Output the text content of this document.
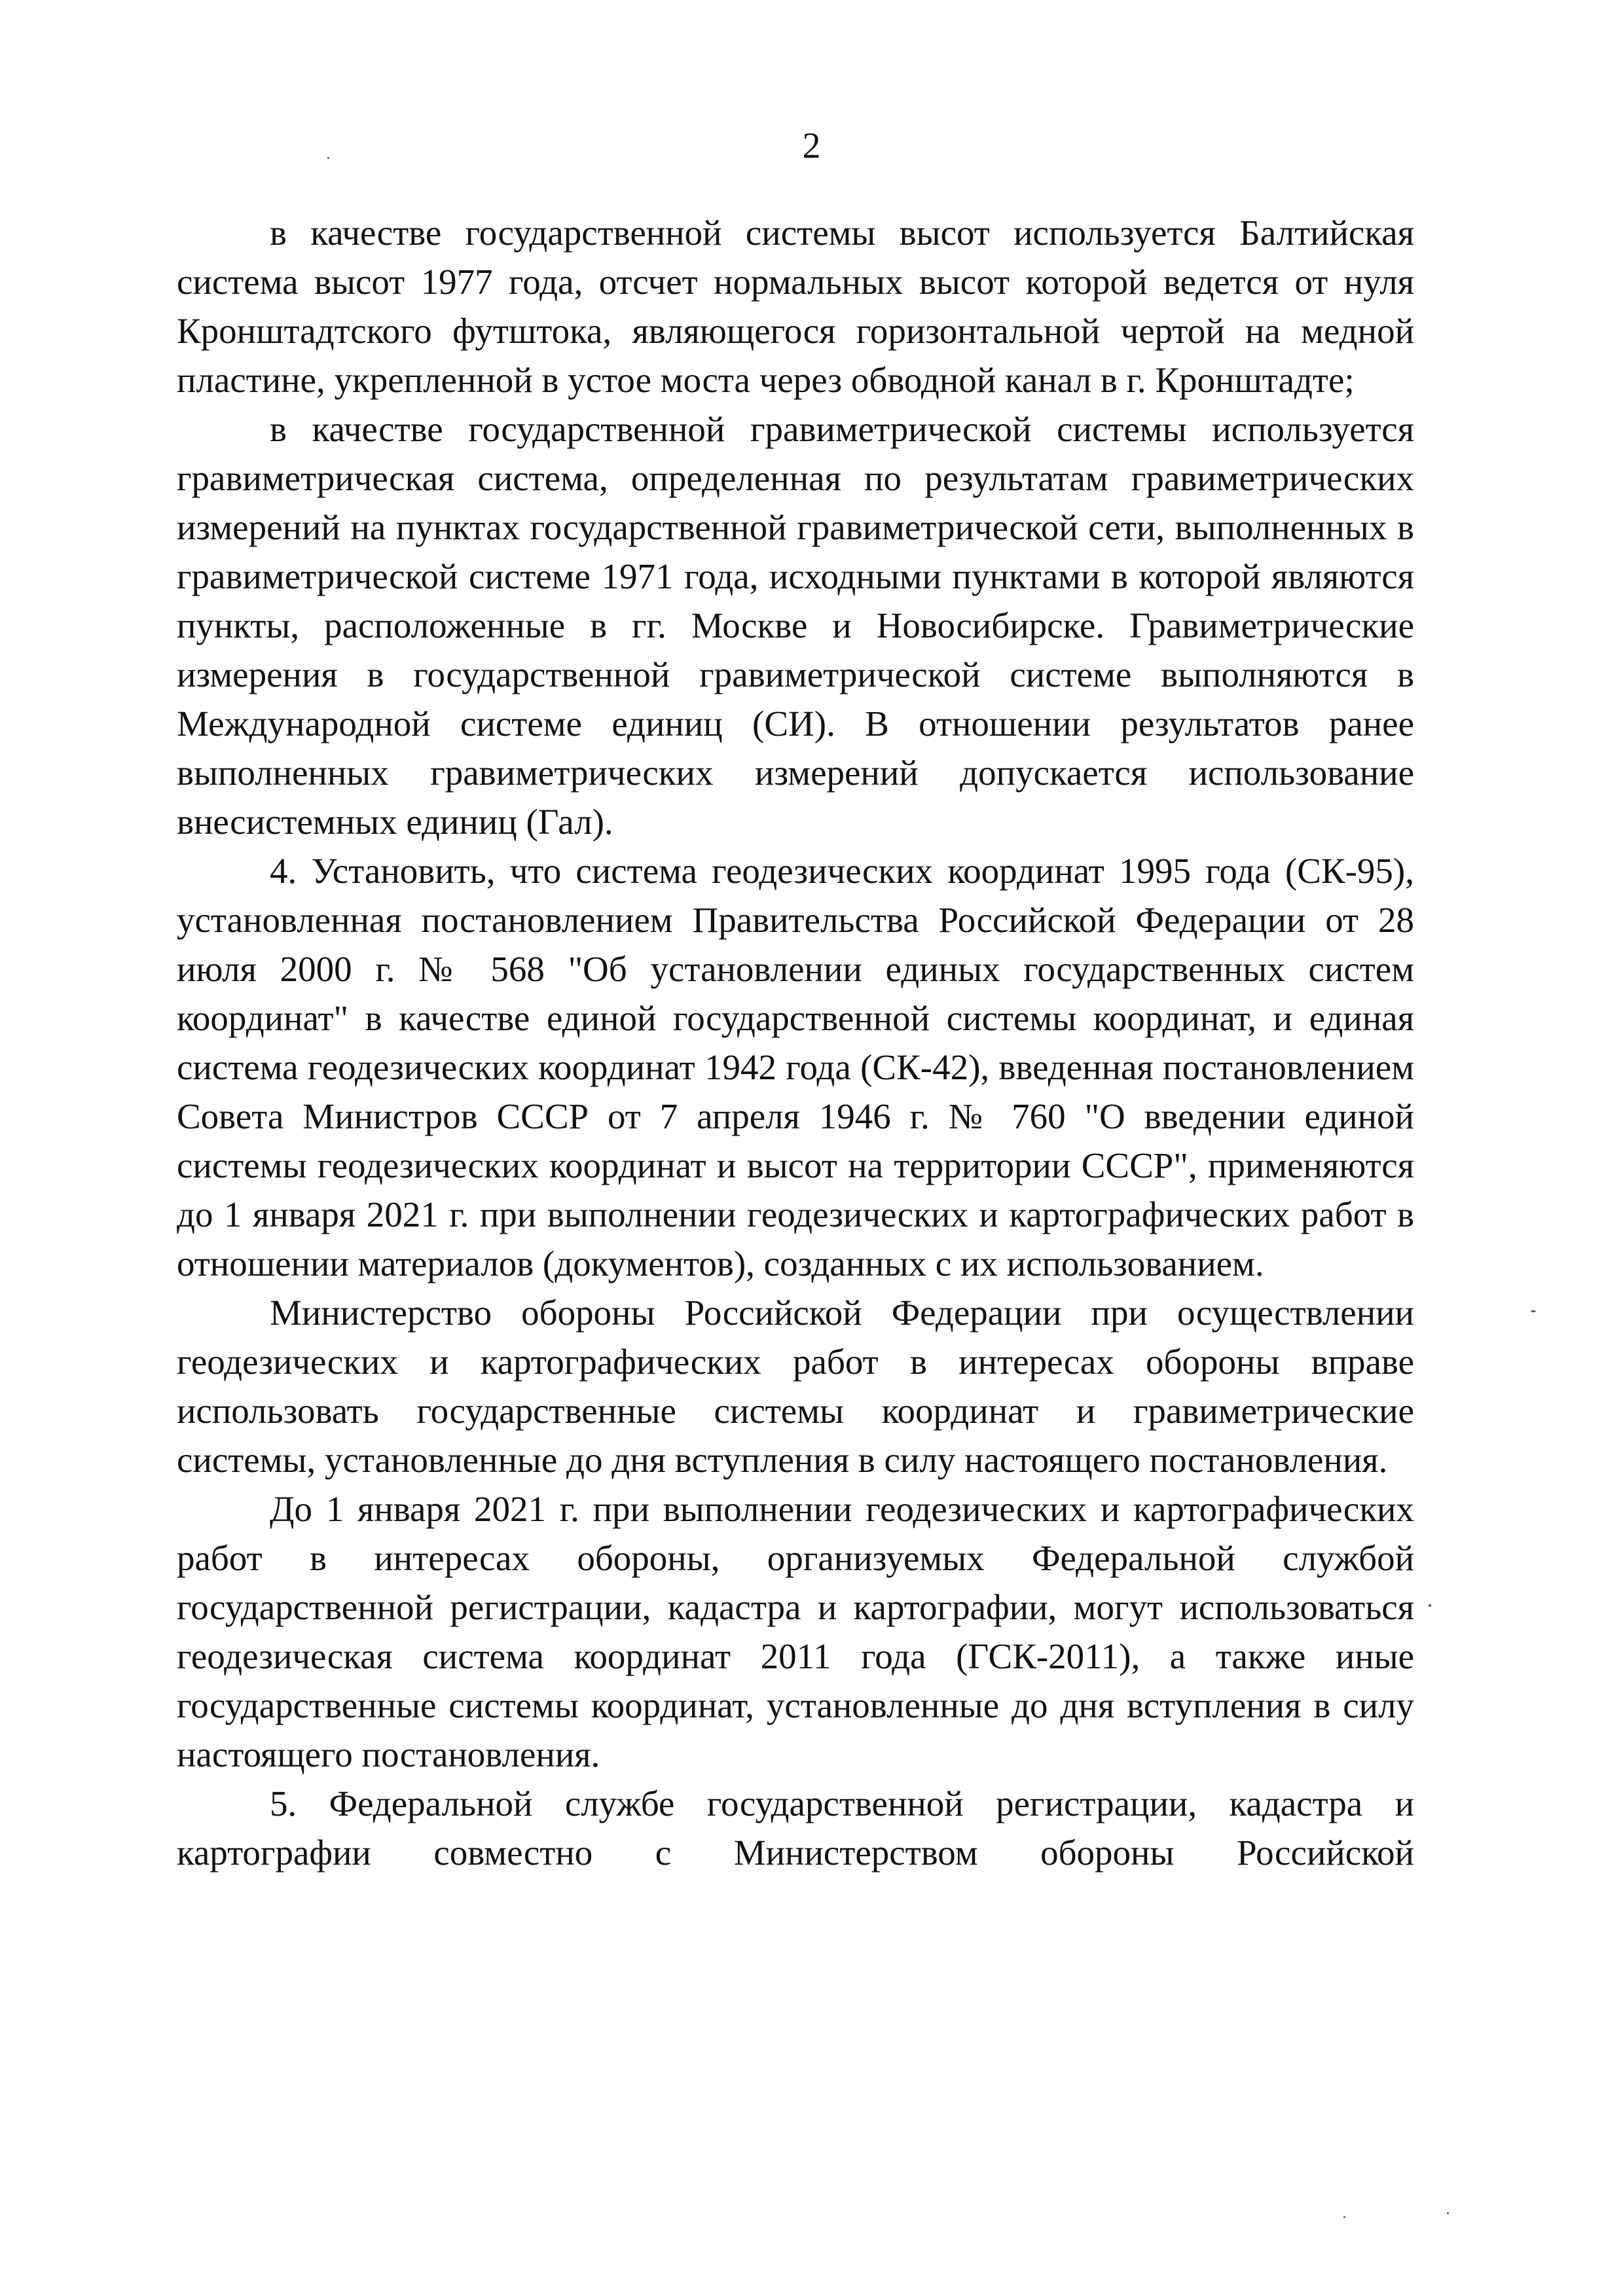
2

в качестве государственной системы высот используется Балтийская система высот 1977 года, отсчет нормальных высот которой ведется от нуля Кронштадтского футштока, являющегося горизонтальной чертой на медной пластине, укрепленной в устое моста через обводной канал в г. Кронштадте;

в качестве государственной гравиметрической системы используется гравиметрическая система, определенная по результатам гравиметрических измерений на пунктах государственной гравиметрической сети, выполненных в гравиметрической системе 1971 года, исходными пунктами в которой являются пункты, расположенные в гг. Москве и Новосибирске. Гравиметрические измерения в государственной гравиметрической системе выполняются в Международной системе единиц (СИ). В отношении результатов ранее выполненных гравиметрических измерений допускается использование внесистемных единиц (Гал).

4. Установить, что система геодезических координат 1995 года (СК-95), установленная постановлением Правительства Российской Федерации от 28 июля 2000 г. № 568 "Об установлении единых государственных систем координат" в качестве единой государственной системы координат, и единая система геодезических координат 1942 года (СК-42), введенная постановлением Совета Министров СССР от 7 апреля 1946 г. № 760 "О введении единой системы геодезических координат и высот на территории СССР", применяются до 1 января 2021 г. при выполнении геодезических и картографических работ в отношении материалов (документов), созданных с их использованием.

Министерство обороны Российской Федерации при осуществлении геодезических и картографических работ в интересах обороны вправе использовать государственные системы координат и гравиметрические системы, установленные до дня вступления в силу настоящего постановления.

До 1 января 2021 г. при выполнении геодезических и картографических работ в интересах обороны, организуемых Федеральной службой государственной регистрации, кадастра и картографии, могут использоваться геодезическая система координат 2011 года (ГСК-2011), а также иные государственные системы координат, установленные до дня вступления в силу настоящего постановления.

5. Федеральной службе государственной регистрации, кадастра и картографии совместно с Министерством обороны Российской
